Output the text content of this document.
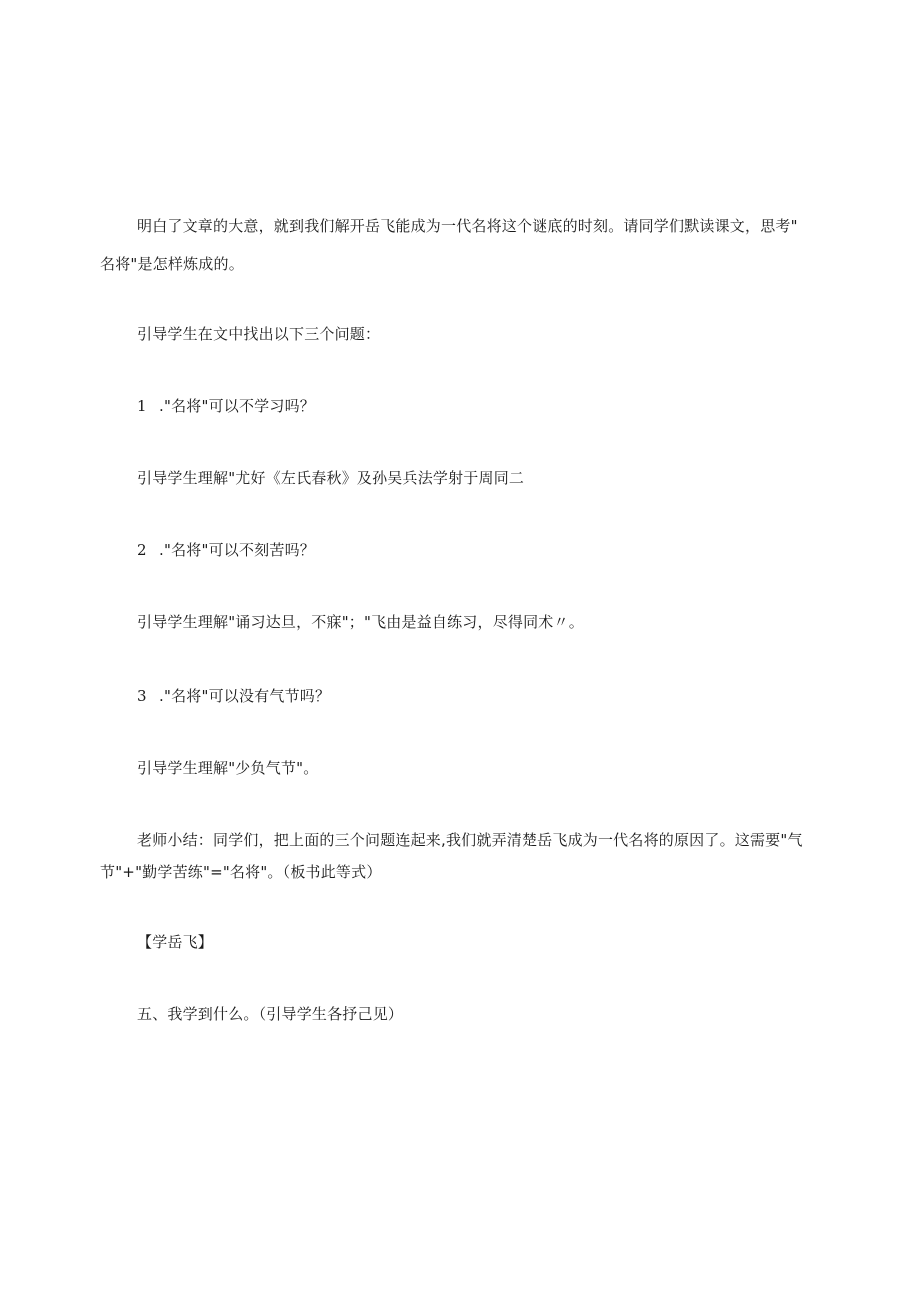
明白了文章的大意，就到我们解开岳飞能成为一代名将这个谜底的时刻。请同学们默读课文，思考"
名将"是怎样炼成的。
引导学生在文中找出以下三个问题：
1 ."名将"可以不学习吗？
引导学生理解"尤好《左氏春秋》及孙吴兵法学射于周同二
2 ."名将"可以不刻苦吗？
引导学生理解"诵习达旦，不寐"；"飞由是益自练习，尽得同术〃。
3 ."名将"可以没有气节吗？
引导学生理解"少负气节"。
老师小结：同学们，把上面的三个问题连起来,我们就弄清楚岳飞成为一代名将的原因了。这需要"气
节"+"勤学苦练"="名将"。（板书此等式）
【学岳飞】
五、我学到什么。（引导学生各抒己见）
